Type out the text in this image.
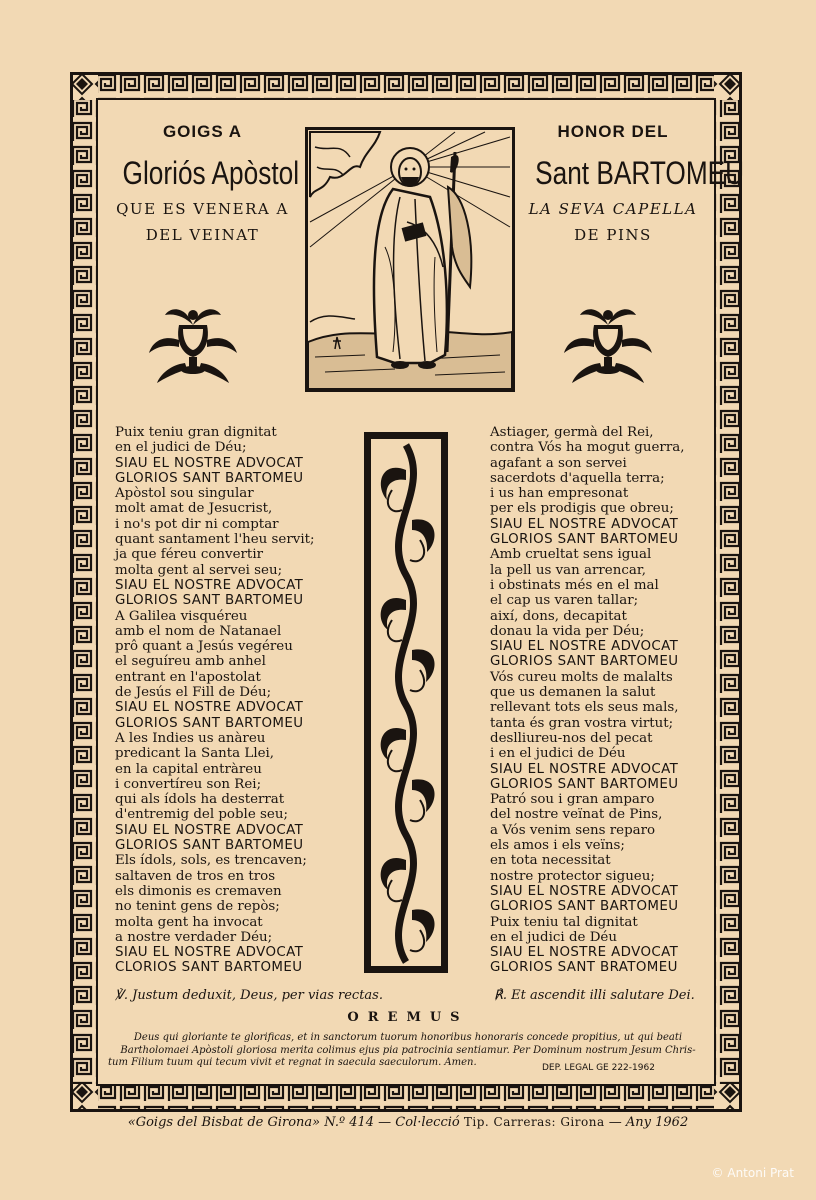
GOIGS A
Gloriós Apòstol
QUE ES VENERA A
DEL VEINAT
HONOR DEL
Sant BARTOMEU
LA SEVA CAPELLA
DE PINS
Puix teniu gran dignitat
en el judici de Déu;
SIAU EL NOSTRE ADVOCAT
GLORIOS SANT BARTOMEU
Apòstol sou singular
molt amat de Jesucrist,
i no's pot dir ni comptar
quant santament l'heu servit;
ja que féreu convertir
molta gent al servei seu;
SIAU EL NOSTRE ADVOCAT
GLORIOS SANT BARTOMEU
A Galilea visquéreu
amb el nom de Natanael
prô quant a Jesús vegéreu
el seguíreu amb anhel
entrant en l'apostolat
de Jesús el Fill de Déu;
SIAU EL NOSTRE ADVOCAT
GLORIOS SANT BARTOMEU
A les Indies us anàreu
predicant la Santa Llei,
en la capital entràreu
i convertíreu son Rei;
qui als ídols ha desterrat
d'entremig del poble seu;
SIAU EL NOSTRE ADVOCAT
GLORIOS SANT BARTOMEU
Els ídols, sols, es trencaven;
saltaven de tros en tros
els dimonis es cremaven
no tenint gens de repòs;
molta gent ha invocat
a nostre verdader Déu;
SIAU EL NOSTRE ADVOCAT
CLORIOS SANT BARTOMEU
Astiager, germà del Rei,
contra Vós ha mogut guerra,
agafant a son servei
sacerdots d'aquella terra;
i us han empresonat
per els prodigis que obreu;
SIAU EL NOSTRE ADVOCAT
GLORIOS SANT BARTOMEU
Amb crueltat sens igual
la pell us van arrencar,
i obstinats més en el mal
el cap us varen tallar;
així, dons, decapitat
donau la vida per Déu;
SIAU EL NOSTRE ADVOCAT
GLORIOS SANT BARTOMEU
Vós cureu molts de malalts
que us demanen la salut
rellevant tots els seus mals,
tanta és gran vostra virtut;
deslliureu-nos del pecat
i en el judici de Déu
SIAU EL NOSTRE ADVOCAT
GLORIOS SANT BARTOMEU
Patró sou i gran amparo
del nostre veïnat de Pins,
a Vós venim sens reparo
els amos i els veïns;
en tota necessitat
nostre protector sigueu;
SIAU EL NOSTRE ADVOCAT
GLORIOS SANT BARTOMEU
Puix teniu tal dignitat
en el judici de Déu
SIAU EL NOSTRE ADVOCAT
GLORIOS SANT BRATOMEU
℣. Justum deduxit, Deus, per vias rectas.	℟. Et ascendit illi salutare Dei.
OREMUS
Deus qui gloriante te glorificas, et in sanctorum tuorum honoribus honoraris concede propitius, ut qui beati
Bartholomaei Apòstoli gloriosa merita colimus ejus pia patrocinia sentiamur. Per Dominum nostrum Jesum Chris-
tum Filium tuum qui tecum vivit et regnat in saecula saeculorum. Amen.	DEP. LEGAL GE 222-1962
«Goigs del Bisbat de Girona» N.º 414 — Col·lecció Tip. Carreras: Girona — Any 1962
© Antoni Prat
